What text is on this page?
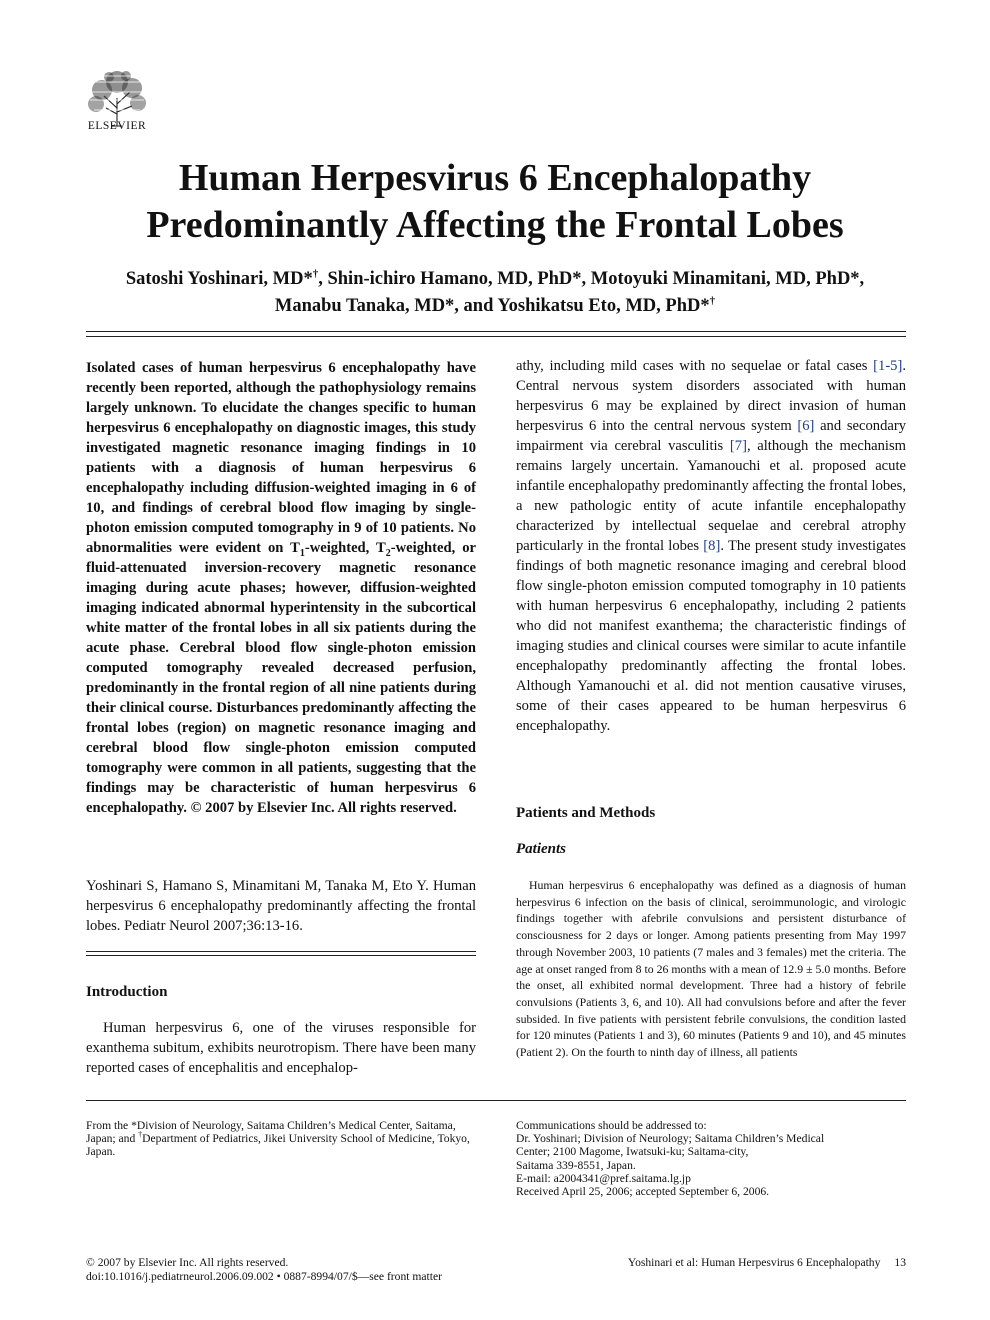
ELSEVIER
Human Herpesvirus 6 Encephalopathy
Predominantly Affecting the Frontal Lobes
Satoshi Yoshinari, MD*†, Shin-ichiro Hamano, MD, PhD*, Motoyuki Minamitani, MD, PhD*,
Manabu Tanaka, MD*, and Yoshikatsu Eto, MD, PhD*†
Isolated cases of human herpesvirus 6 encephalopathy have recently been reported, although the pathophysiology remains largely unknown. To elucidate the changes specific to human herpesvirus 6 encephalopathy on diagnostic images, this study investigated magnetic resonance imaging findings in 10 patients with a diagnosis of human herpesvirus 6 encephalopathy including diffusion-weighted imaging in 6 of 10, and findings of cerebral blood flow imaging by single-photon emission computed tomography in 9 of 10 patients. No abnormalities were evident on $T_1$-weighted, $T_2$-weighted, or fluid-attenuated inversion-recovery magnetic resonance imaging during acute phases; however, diffusion-weighted imaging indicated abnormal hyperintensity in the subcortical white matter of the frontal lobes in all six patients during the acute phase. Cerebral blood flow single-photon emission computed tomography revealed decreased perfusion, predominantly in the frontal region of all nine patients during their clinical course. Disturbances predominantly affecting the frontal lobes (region) on magnetic resonance imaging and cerebral blood flow single-photon emission computed tomography were common in all patients, suggesting that the findings may be characteristic of human herpesvirus 6 encephalopathy. © 2007 by Elsevier Inc. All rights reserved.
Yoshinari S, Hamano S, Minamitani M, Tanaka M, Eto Y. Human herpesvirus 6 encephalopathy predominantly affecting the frontal lobes. Pediatr Neurol 2007;36:13-16.
Introduction
Human herpesvirus 6, one of the viruses responsible for exanthema subitum, exhibits neurotropism. There have been many reported cases of encephalitis and encephalop-
athy, including mild cases with no sequelae or fatal cases [1-5]. Central nervous system disorders associated with human herpesvirus 6 may be explained by direct invasion of human herpesvirus 6 into the central nervous system [6] and secondary impairment via cerebral vasculitis [7], although the mechanism remains largely uncertain. Yamanouchi et al. proposed acute infantile encephalopathy predominantly affecting the frontal lobes, a new pathologic entity of acute infantile encephalopathy characterized by intellectual sequelae and cerebral atrophy particularly in the frontal lobes [8]. The present study investigates findings of both magnetic resonance imaging and cerebral blood flow single-photon emission computed tomography in 10 patients with human herpesvirus 6 encephalopathy, including 2 patients who did not manifest exanthema; the characteristic findings of imaging studies and clinical courses were similar to acute infantile encephalopathy predominantly affecting the frontal lobes. Although Yamanouchi et al. did not mention causative viruses, some of their cases appeared to be human herpesvirus 6 encephalopathy.
Patients and Methods
Patients
Human herpesvirus 6 encephalopathy was defined as a diagnosis of human herpesvirus 6 infection on the basis of clinical, seroimmunologic, and virologic findings together with afebrile convulsions and persistent disturbance of consciousness for 2 days or longer. Among patients presenting from May 1997 through November 2003, 10 patients (7 males and 3 females) met the criteria. The age at onset ranged from 8 to 26 months with a mean of 12.9 ± 5.0 months. Before the onset, all exhibited normal development. Three had a history of febrile convulsions (Patients 3, 6, and 10). All had convulsions before and after the fever subsided. In five patients with persistent febrile convulsions, the condition lasted for 120 minutes (Patients 1 and 3), 60 minutes (Patients 9 and 10), and 45 minutes (Patient 2). On the fourth to ninth day of illness, all patients
From the *Division of Neurology, Saitama Children’s Medical Center, Saitama, Japan; and †Department of Pediatrics, Jikei University School of Medicine, Tokyo, Japan.
Communications should be addressed to:
Dr. Yoshinari; Division of Neurology; Saitama Children’s Medical
Center; 2100 Magome, Iwatsuki-ku; Saitama-city,
Saitama 339-8551, Japan.
E-mail: a2004341@pref.saitama.lg.jp
Received April 25, 2006; accepted September 6, 2006.
© 2007 by Elsevier Inc. All rights reserved.
doi:10.1016/j.pediatrneurol.2006.09.002 • 0887-8994/07/$—see front matter
Yoshinari et al: Human Herpesvirus 6 Encephalopathy 13
